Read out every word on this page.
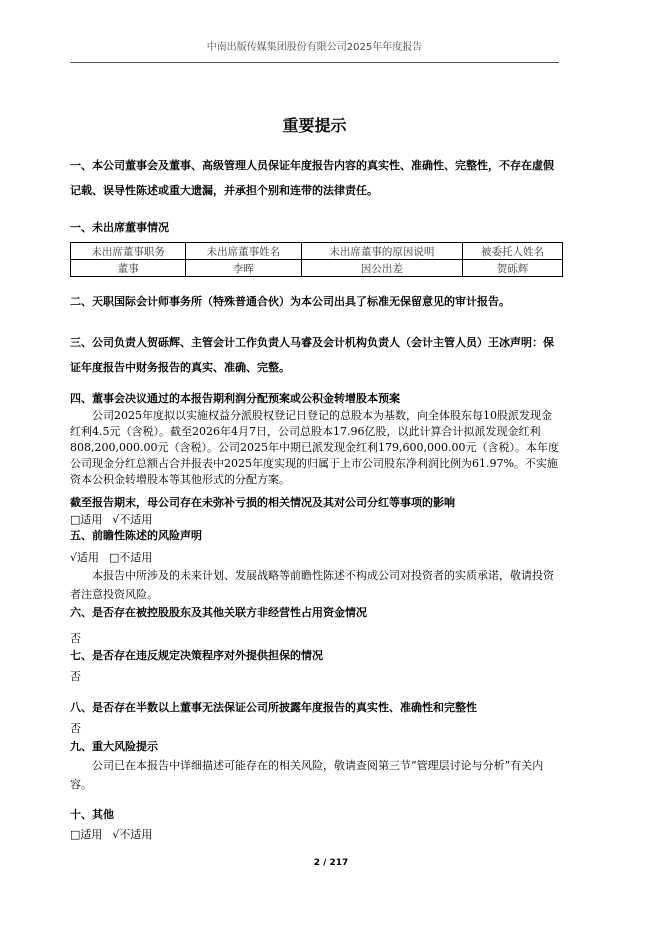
中南出版传媒集团股份有限公司2025年年度报告
重要提示
一、本公司董事会及董事、高级管理人员保证年度报告内容的真实性、准确性、完整性，不存在虚假记载、误导性陈述或重大遗漏，并承担个别和连带的法律责任。
一、未出席董事情况
未出席董事职务	未出席董事姓名	未出席董事的原因说明	被委托人姓名
董事	李晖	因公出差	贺砾辉
二、天职国际会计师事务所（特殊普通合伙）为本公司出具了标准无保留意见的审计报告。
三、公司负责人贺砾辉、主管会计工作负责人马睿及会计机构负责人（会计主管人员）王冰声明：保证年度报告中财务报告的真实、准确、完整。
四、董事会决议通过的本报告期利润分配预案或公积金转增股本预案
公司2025年度拟以实施权益分派股权登记日登记的总股本为基数，向全体股东每10股派发现金红利4.5元（含税）。截至2026年4月7日，公司总股本17.96亿股，以此计算合计拟派发现金红利808,200,000.00元（含税）。公司2025年中期已派发现金红利179,600,000.00元（含税）。本年度公司现金分红总额占合并报表中2025年度实现的归属于上市公司股东净利润比例为61.97%。不实施资本公积金转增股本等其他形式的分配方案。
截至报告期末，母公司存在未弥补亏损的相关情况及其对公司分红等事项的影响
□适用 √不适用
五、前瞻性陈述的风险声明
√适用 □不适用
本报告中所涉及的未来计划、发展战略等前瞻性陈述不构成公司对投资者的实质承诺，敬请投资者注意投资风险。
六、是否存在被控股股东及其他关联方非经营性占用资金情况
否
七、是否存在违反规定决策程序对外提供担保的情况
否
八、是否存在半数以上董事无法保证公司所披露年度报告的真实性、准确性和完整性
否
九、重大风险提示
公司已在本报告中详细描述可能存在的相关风险，敬请查阅第三节“管理层讨论与分析”有关内容。
十、其他
□适用 √不适用
2 / 217
